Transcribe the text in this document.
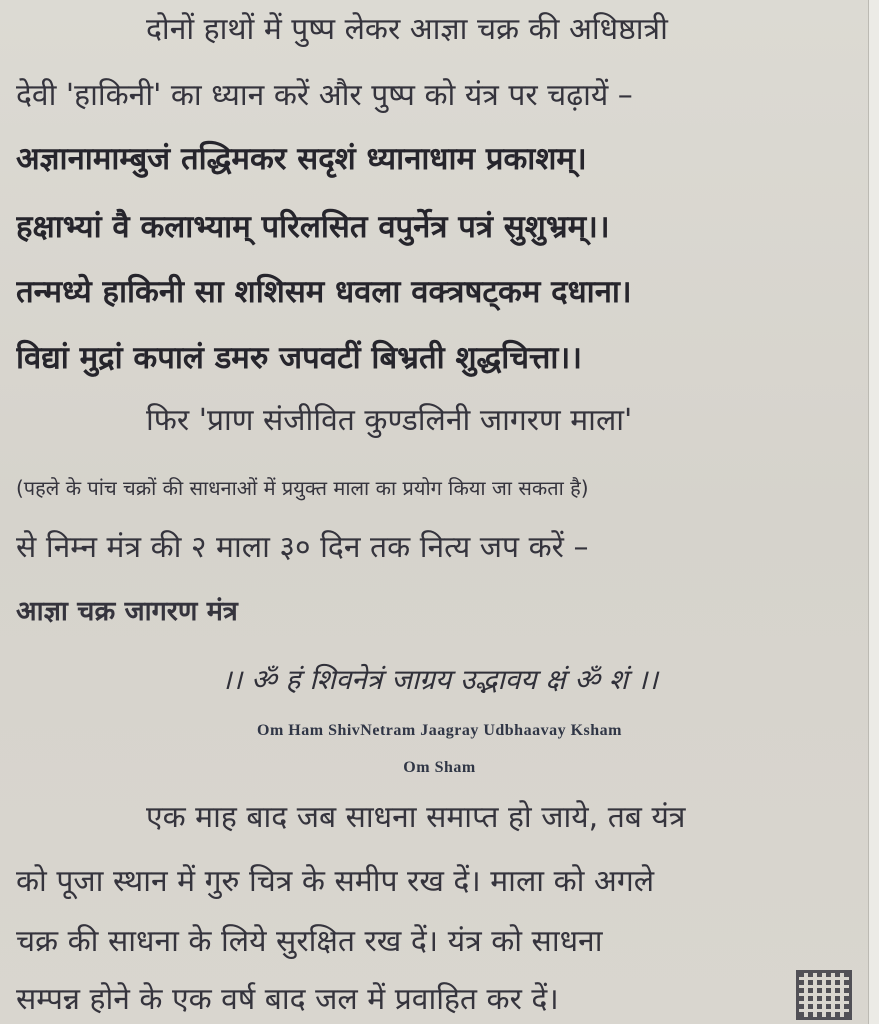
दोनों हाथों में पुष्प लेकर आज्ञा चक्र की अधिष्ठात्री
देवी 'हाकिनी' का ध्यान करें और पुष्प को यंत्र पर चढ़ायें –
अज्ञानामाम्बुजं तद्धिमकर सदृशं ध्यानाधाम प्रकाशम्।
हक्षाभ्यां वै कलाभ्याम् परिलसित वपुर्नेत्र पत्रं सुशुभ्रम्।।
तन्मध्ये हाकिनी सा शशिसम धवला वक्त्रषट्कम दधाना।
विद्यां मुद्रां कपालं डमरु जपवटीं बिभ्रती शुद्धचित्ता।।
फिर 'प्राण संजीवित कुण्डलिनी जागरण माला'
(पहले के पांच चक्रों की साधनाओं में प्रयुक्त माला का प्रयोग किया जा सकता है)
से निम्न मंत्र की २ माला ३० दिन तक नित्य जप करें –
आज्ञा चक्र जागरण मंत्र
।। ॐ हं शिवनेत्रं जाग्रय उद्भावय क्षं ॐ शं ।।
Om Ham ShivNetram Jaagray Udbhaavay Ksham
Om Sham
एक माह बाद जब साधना समाप्त हो जाये, तब यंत्र
को पूजा स्थान में गुरु चित्र के समीप रख दें। माला को अगले
चक्र की साधना के लिये सुरक्षित रख दें। यंत्र को साधना
सम्पन्न होने के एक वर्ष बाद जल में प्रवाहित कर दें।
